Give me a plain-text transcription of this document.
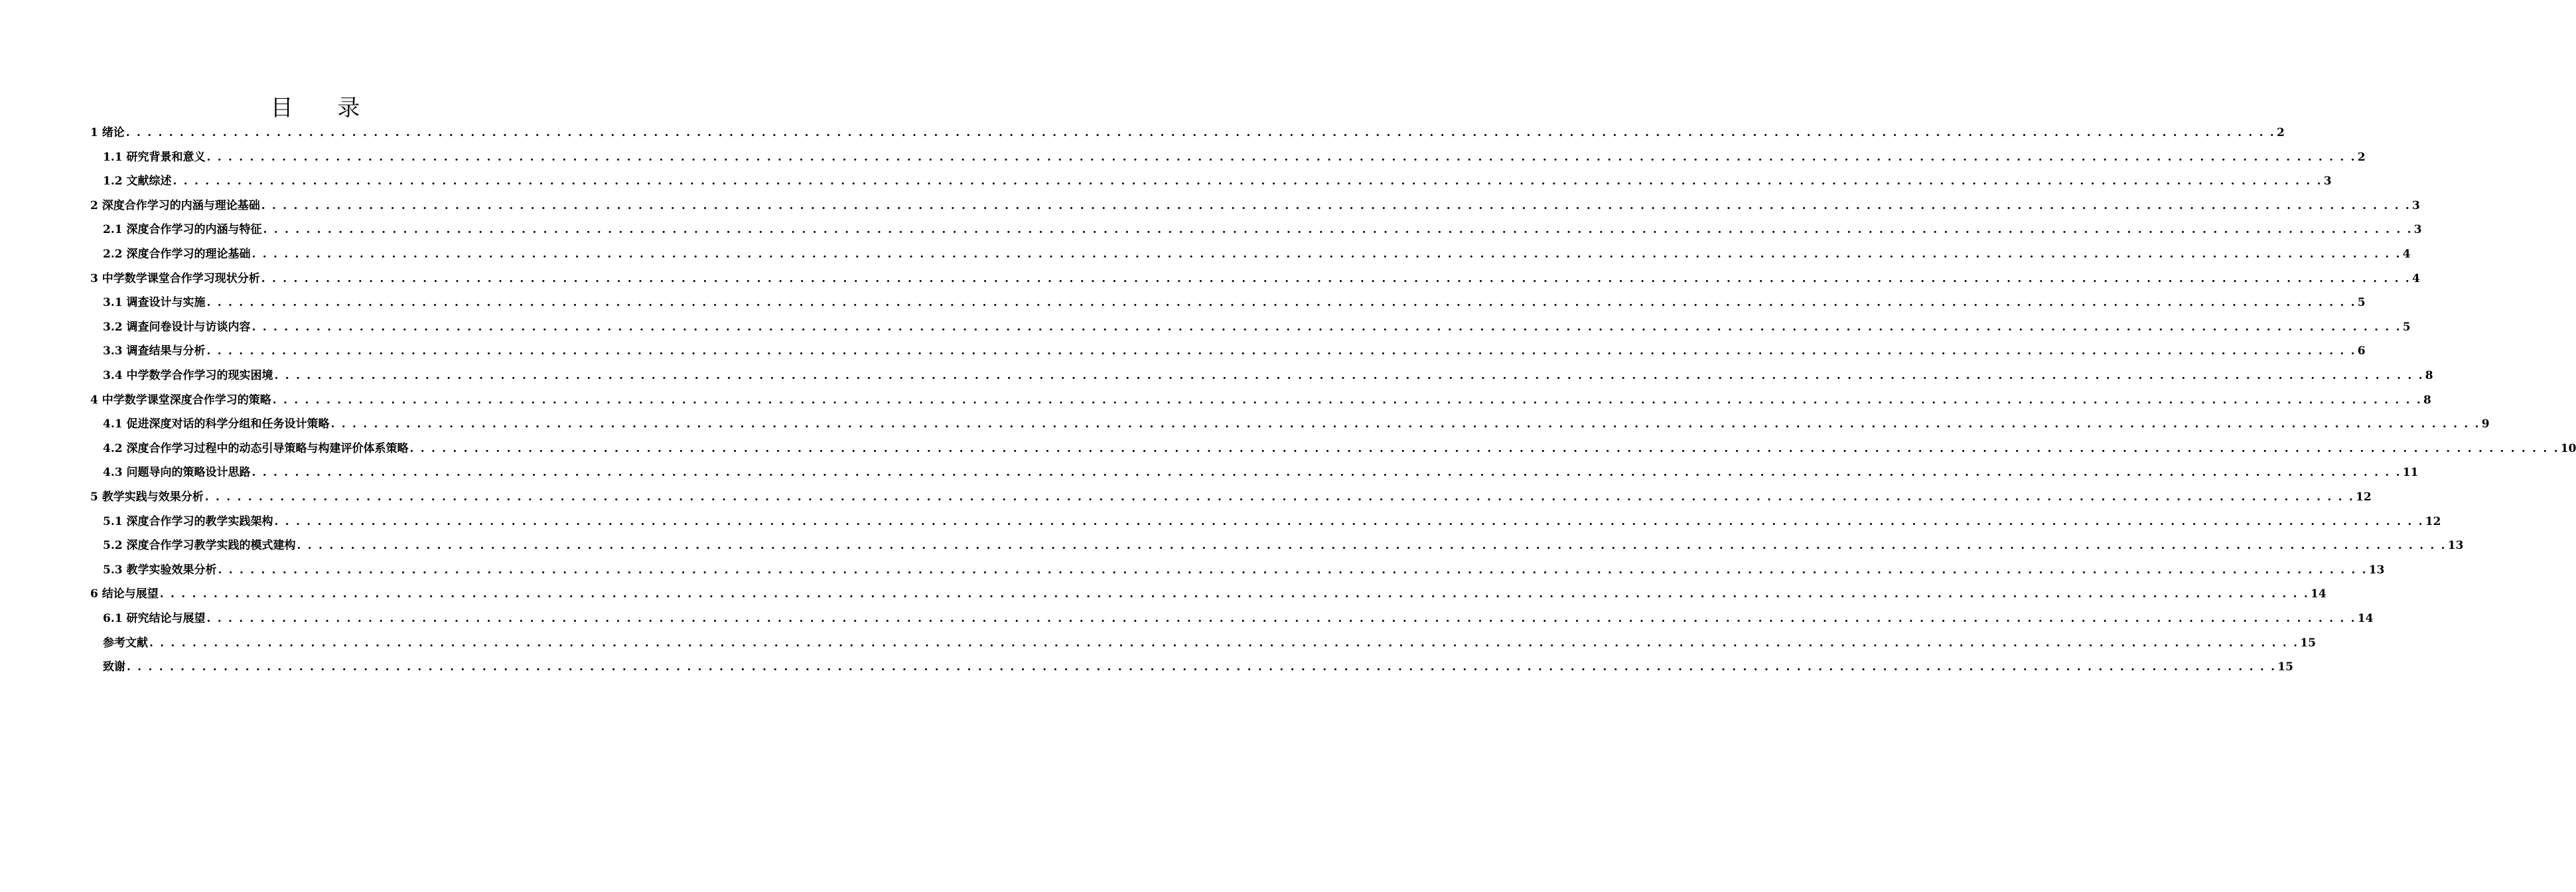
目 录
1 绪论 . . . . . . . . . . . . . . . . . . . . . . . . . . . . . . . . . . . . . . . . . . . . . . . . . . . . . . . . . . . . . . . . . . . . . . . . . . . . . . . . . . . . . . . . . . . . . . . . . . . . . . . . . . . . . . . . . . . . . . . . . . . . . . . . . . . . . . . . . . . . . . . . . . . . . . . . . . . . . . . . . . . . . . . . . . . . . . . . . . . . . . . . . . . . . . . . . . . . . . . . 2
1.1 研究背景和意义 . . . . . . . . . . . . . . . . . . . . . . . . . . . . . . . . . . . . . . . . . . . . . . . . . . . . . . . . . . . . . . . . . . . . . . . . . . . . . . . . . . . . . . . . . . . . . . . . . . . . . . . . . . . . . . . . . . . . . . . . . . . . . . . . . . . . . . . . . . . . . . . . . . . . . . . . . . . . . . . . . . . . . . . . . . . . . . . . . . . . . . . . . . . . . . . . . . . . . . . . 2
1.2 文献综述 . . . . . . . . . . . . . . . . . . . . . . . . . . . . . . . . . . . . . . . . . . . . . . . . . . . . . . . . . . . . . . . . . . . . . . . . . . . . . . . . . . . . . . . . . . . . . . . . . . . . . . . . . . . . . . . . . . . . . . . . . . . . . . . . . . . . . . . . . . . . . . . . . . . . . . . . . . . . . . . . . . . . . . . . . . . . . . . . . . . . . . . . . . . . . . . . . . . . . . . . 3
2 深度合作学习的内涵与理论基础 . . . . . . . . . . . . . . . . . . . . . . . . . . . . . . . . . . . . . . . . . . . . . . . . . . . . . . . . . . . . . . . . . . . . . . . . . . . . . . . . . . . . . . . . . . . . . . . . . . . . . . . . . . . . . . . . . . . . . . . . . . . . . . . . . . . . . . . . . . . . . . . . . . . . . . . . . . . . . . . . . . . . . . . . . . . . . . . . . . . . . . . . . . . . . . . . . . . . . . . . 3
2.1 深度合作学习的内涵与特征 . . . . . . . . . . . . . . . . . . . . . . . . . . . . . . . . . . . . . . . . . . . . . . . . . . . . . . . . . . . . . . . . . . . . . . . . . . . . . . . . . . . . . . . . . . . . . . . . . . . . . . . . . . . . . . . . . . . . . . . . . . . . . . . . . . . . . . . . . . . . . . . . . . . . . . . . . . . . . . . . . . . . . . . . . . . . . . . . . . . . . . . . . . . . . . . . . . . . . . . . 3
2.2 深度合作学习的理论基础 . . . . . . . . . . . . . . . . . . . . . . . . . . . . . . . . . . . . . . . . . . . . . . . . . . . . . . . . . . . . . . . . . . . . . . . . . . . . . . . . . . . . . . . . . . . . . . . . . . . . . . . . . . . . . . . . . . . . . . . . . . . . . . . . . . . . . . . . . . . . . . . . . . . . . . . . . . . . . . . . . . . . . . . . . . . . . . . . . . . . . . . . . . . . . . . . . . . . . . . . 4
3 中学数学课堂合作学习现状分析 . . . . . . . . . . . . . . . . . . . . . . . . . . . . . . . . . . . . . . . . . . . . . . . . . . . . . . . . . . . . . . . . . . . . . . . . . . . . . . . . . . . . . . . . . . . . . . . . . . . . . . . . . . . . . . . . . . . . . . . . . . . . . . . . . . . . . . . . . . . . . . . . . . . . . . . . . . . . . . . . . . . . . . . . . . . . . . . . . . . . . . . . . . . . . . . . . . . . . . . . 4
3.1 调查设计与实施 . . . . . . . . . . . . . . . . . . . . . . . . . . . . . . . . . . . . . . . . . . . . . . . . . . . . . . . . . . . . . . . . . . . . . . . . . . . . . . . . . . . . . . . . . . . . . . . . . . . . . . . . . . . . . . . . . . . . . . . . . . . . . . . . . . . . . . . . . . . . . . . . . . . . . . . . . . . . . . . . . . . . . . . . . . . . . . . . . . . . . . . . . . . . . . . . . . . . . . . . 5
3.2 调查问卷设计与访谈内容 . . . . . . . . . . . . . . . . . . . . . . . . . . . . . . . . . . . . . . . . . . . . . . . . . . . . . . . . . . . . . . . . . . . . . . . . . . . . . . . . . . . . . . . . . . . . . . . . . . . . . . . . . . . . . . . . . . . . . . . . . . . . . . . . . . . . . . . . . . . . . . . . . . . . . . . . . . . . . . . . . . . . . . . . . . . . . . . . . . . . . . . . . . . . . . . . . . . . . . . . 5
3.3 调查结果与分析 . . . . . . . . . . . . . . . . . . . . . . . . . . . . . . . . . . . . . . . . . . . . . . . . . . . . . . . . . . . . . . . . . . . . . . . . . . . . . . . . . . . . . . . . . . . . . . . . . . . . . . . . . . . . . . . . . . . . . . . . . . . . . . . . . . . . . . . . . . . . . . . . . . . . . . . . . . . . . . . . . . . . . . . . . . . . . . . . . . . . . . . . . . . . . . . . . . . . . . . . 6
3.4 中学数学合作学习的现实困境 . . . . . . . . . . . . . . . . . . . . . . . . . . . . . . . . . . . . . . . . . . . . . . . . . . . . . . . . . . . . . . . . . . . . . . . . . . . . . . . . . . . . . . . . . . . . . . . . . . . . . . . . . . . . . . . . . . . . . . . . . . . . . . . . . . . . . . . . . . . . . . . . . . . . . . . . . . . . . . . . . . . . . . . . . . . . . . . . . . . . . . . . . . . . . . . . . . . . . . . . 8
4 中学数学课堂深度合作学习的策略 . . . . . . . . . . . . . . . . . . . . . . . . . . . . . . . . . . . . . . . . . . . . . . . . . . . . . . . . . . . . . . . . . . . . . . . . . . . . . . . . . . . . . . . . . . . . . . . . . . . . . . . . . . . . . . . . . . . . . . . . . . . . . . . . . . . . . . . . . . . . . . . . . . . . . . . . . . . . . . . . . . . . . . . . . . . . . . . . . . . . . . . . . . . . . . . . . . . . . . . . 8
4.1 促进深度对话的科学分组和任务设计策略 . . . . . . . . . . . . . . . . . . . . . . . . . . . . . . . . . . . . . . . . . . . . . . . . . . . . . . . . . . . . . . . . . . . . . . . . . . . . . . . . . . . . . . . . . . . . . . . . . . . . . . . . . . . . . . . . . . . . . . . . . . . . . . . . . . . . . . . . . . . . . . . . . . . . . . . . . . . . . . . . . . . . . . . . . . . . . . . . . . . . . . . . . . . . . . . . . . . . . . . . 9
4.2 深度合作学习过程中的动态引导策略与构建评价体系策略 . . . . . . . . . . . . . . . . . . . . . . . . . . . . . . . . . . . . . . . . . . . . . . . . . . . . . . . . . . . . . . . . . . . . . . . . . . . . . . . . . . . . . . . . . . . . . . . . . . . . . . . . . . . . . . . . . . . . . . . . . . . . . . . . . . . . . . . . . . . . . . . . . . . . . . . . . . . . . . . . . . . . . . . . . . . . . . . . . . . . . . . . . . . . . . . . . . . . . . . . 10
4.3 问题导向的策略设计思路 . . . . . . . . . . . . . . . . . . . . . . . . . . . . . . . . . . . . . . . . . . . . . . . . . . . . . . . . . . . . . . . . . . . . . . . . . . . . . . . . . . . . . . . . . . . . . . . . . . . . . . . . . . . . . . . . . . . . . . . . . . . . . . . . . . . . . . . . . . . . . . . . . . . . . . . . . . . . . . . . . . . . . . . . . . . . . . . . . . . . . . . . . . . . . . . . . . . . . . . . 11
5 教学实践与效果分析 . . . . . . . . . . . . . . . . . . . . . . . . . . . . . . . . . . . . . . . . . . . . . . . . . . . . . . . . . . . . . . . . . . . . . . . . . . . . . . . . . . . . . . . . . . . . . . . . . . . . . . . . . . . . . . . . . . . . . . . . . . . . . . . . . . . . . . . . . . . . . . . . . . . . . . . . . . . . . . . . . . . . . . . . . . . . . . . . . . . . . . . . . . . . . . . . . . . . . . . . 12
5.1 深度合作学习的教学实践架构 . . . . . . . . . . . . . . . . . . . . . . . . . . . . . . . . . . . . . . . . . . . . . . . . . . . . . . . . . . . . . . . . . . . . . . . . . . . . . . . . . . . . . . . . . . . . . . . . . . . . . . . . . . . . . . . . . . . . . . . . . . . . . . . . . . . . . . . . . . . . . . . . . . . . . . . . . . . . . . . . . . . . . . . . . . . . . . . . . . . . . . . . . . . . . . . . . . . . . . . . 12
5.2 深度合作学习教学实践的模式建构 . . . . . . . . . . . . . . . . . . . . . . . . . . . . . . . . . . . . . . . . . . . . . . . . . . . . . . . . . . . . . . . . . . . . . . . . . . . . . . . . . . . . . . . . . . . . . . . . . . . . . . . . . . . . . . . . . . . . . . . . . . . . . . . . . . . . . . . . . . . . . . . . . . . . . . . . . . . . . . . . . . . . . . . . . . . . . . . . . . . . . . . . . . . . . . . . . . . . . . . . 13
5.3 教学实验效果分析 . . . . . . . . . . . . . . . . . . . . . . . . . . . . . . . . . . . . . . . . . . . . . . . . . . . . . . . . . . . . . . . . . . . . . . . . . . . . . . . . . . . . . . . . . . . . . . . . . . . . . . . . . . . . . . . . . . . . . . . . . . . . . . . . . . . . . . . . . . . . . . . . . . . . . . . . . . . . . . . . . . . . . . . . . . . . . . . . . . . . . . . . . . . . . . . . . . . . . . . . 13
6 结论与展望 . . . . . . . . . . . . . . . . . . . . . . . . . . . . . . . . . . . . . . . . . . . . . . . . . . . . . . . . . . . . . . . . . . . . . . . . . . . . . . . . . . . . . . . . . . . . . . . . . . . . . . . . . . . . . . . . . . . . . . . . . . . . . . . . . . . . . . . . . . . . . . . . . . . . . . . . . . . . . . . . . . . . . . . . . . . . . . . . . . . . . . . . . . . . . . . . . . . . . . . . 14
6.1 研究结论与展望 . . . . . . . . . . . . . . . . . . . . . . . . . . . . . . . . . . . . . . . . . . . . . . . . . . . . . . . . . . . . . . . . . . . . . . . . . . . . . . . . . . . . . . . . . . . . . . . . . . . . . . . . . . . . . . . . . . . . . . . . . . . . . . . . . . . . . . . . . . . . . . . . . . . . . . . . . . . . . . . . . . . . . . . . . . . . . . . . . . . . . . . . . . . . . . . . . . . . . . . . 14
参考文献 . . . . . . . . . . . . . . . . . . . . . . . . . . . . . . . . . . . . . . . . . . . . . . . . . . . . . . . . . . . . . . . . . . . . . . . . . . . . . . . . . . . . . . . . . . . . . . . . . . . . . . . . . . . . . . . . . . . . . . . . . . . . . . . . . . . . . . . . . . . . . . . . . . . . . . . . . . . . . . . . . . . . . . . . . . . . . . . . . . . . . . . . . . . . . . . . . . . . . . . . 15
致谢 . . . . . . . . . . . . . . . . . . . . . . . . . . . . . . . . . . . . . . . . . . . . . . . . . . . . . . . . . . . . . . . . . . . . . . . . . . . . . . . . . . . . . . . . . . . . . . . . . . . . . . . . . . . . . . . . . . . . . . . . . . . . . . . . . . . . . . . . . . . . . . . . . . . . . . . . . . . . . . . . . . . . . . . . . . . . . . . . . . . . . . . . . . . . . . . . . . . . . . . . 15
